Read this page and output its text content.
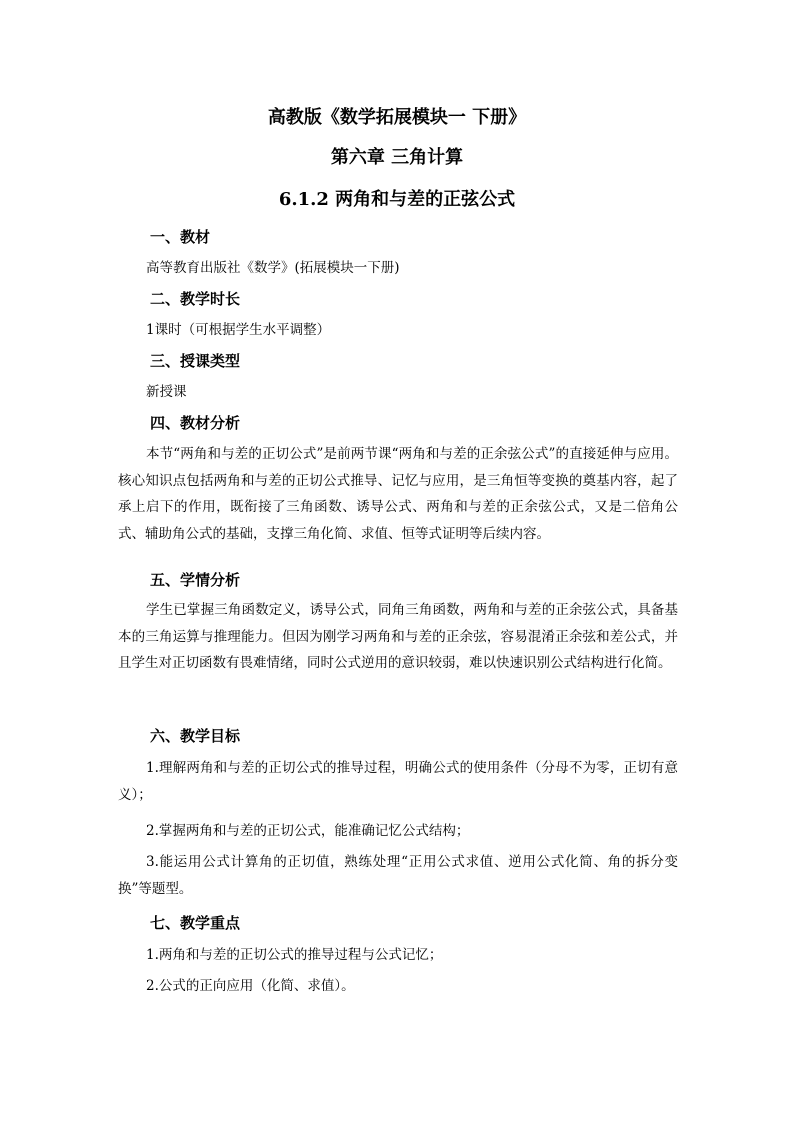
高教版《数学拓展模块一 下册》
第六章 三角计算
6.1.2 两角和与差的正弦公式
一、教材
高等教育出版社《数学》(拓展模块一下册)
二、教学时长
1课时（可根据学生水平调整）
三、授课类型
新授课
四、教材分析
本节“两角和与差的正切公式”是前两节课“两角和与差的正余弦公式”的直接延伸与应用。核心知识点包括两角和与差的正切公式推导、记忆与应用，是三角恒等变换的奠基内容，起了承上启下的作用，既衔接了三角函数、诱导公式、两角和与差的正余弦公式，又是二倍角公式、辅助角公式的基础，支撑三角化简、求值、恒等式证明等后续内容。
五、学情分析
学生已掌握三角函数定义，诱导公式，同角三角函数，两角和与差的正余弦公式，具备基本的三角运算与推理能力。但因为刚学习两角和与差的正余弦，容易混淆正余弦和差公式，并且学生对正切函数有畏难情绪，同时公式逆用的意识较弱，难以快速识别公式结构进行化简。
六、教学目标
1.理解两角和与差的正切公式的推导过程，明确公式的使用条件（分母不为零，正切有意义）；
2.掌握两角和与差的正切公式，能准确记忆公式结构；
3.能运用公式计算角的正切值，熟练处理“正用公式求值、逆用公式化简、角的拆分变换”等题型。
七、教学重点
1.两角和与差的正切公式的推导过程与公式记忆；
2.公式的正向应用（化简、求值）。
